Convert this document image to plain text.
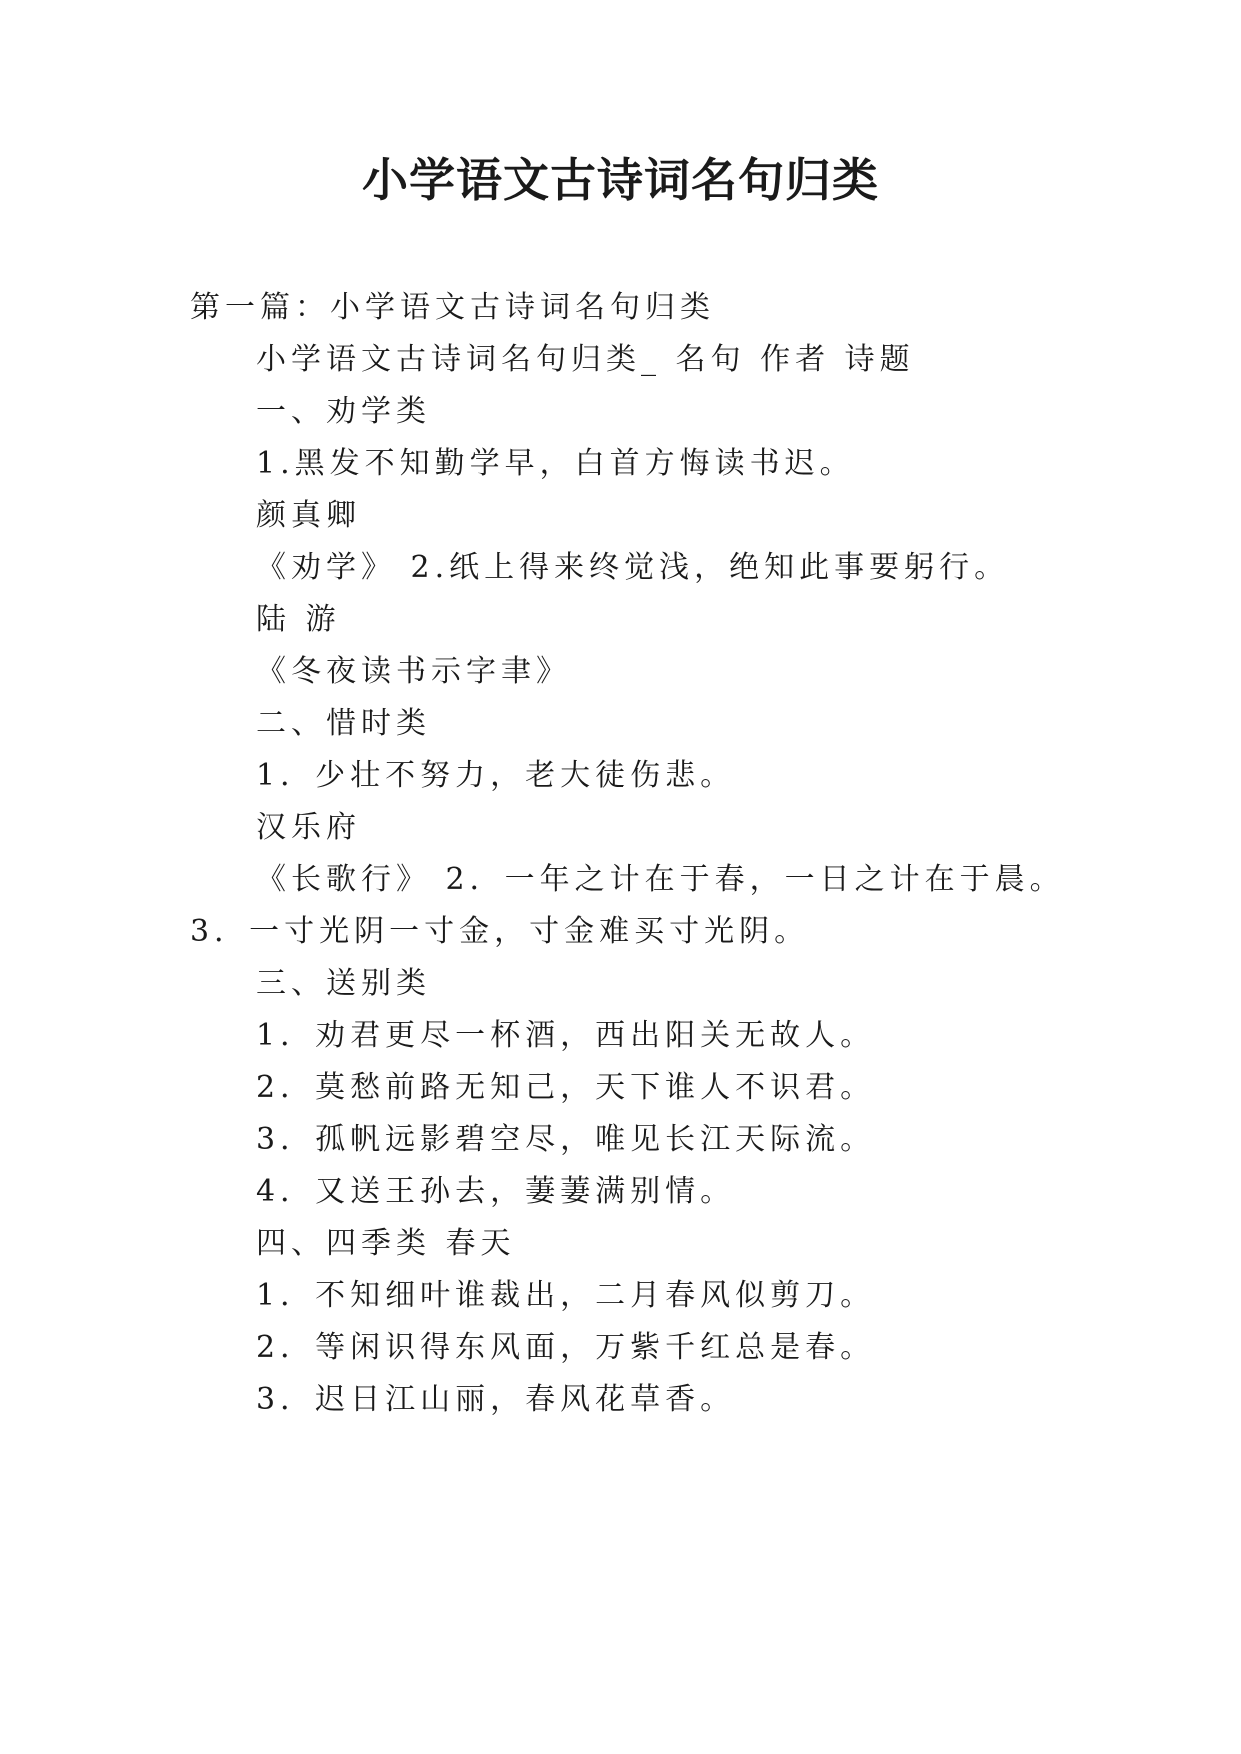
小学语文古诗词名句归类
第一篇：小学语文古诗词名句归类
小学语文古诗词名句归类_ 名句 作者 诗题
一、劝学类
1.黑发不知勤学早，白首方悔读书迟。
颜真卿
《劝学》 2.纸上得来终觉浅，绝知此事要躬行。
陆 游
《冬夜读书示字聿》
二、惜时类
1．少壮不努力，老大徒伤悲。
汉乐府
《长歌行》 2．一年之计在于春，一日之计在于晨。
3．一寸光阴一寸金，寸金难买寸光阴。
三、送别类
1．劝君更尽一杯酒，西出阳关无故人。
2．莫愁前路无知己，天下谁人不识君。
3．孤帆远影碧空尽，唯见长江天际流。
4．又送王孙去，萋萋满别情。
四、四季类 春天
1．不知细叶谁裁出，二月春风似剪刀。
2．等闲识得东风面，万紫千红总是春。
3．迟日江山丽，春风花草香。
